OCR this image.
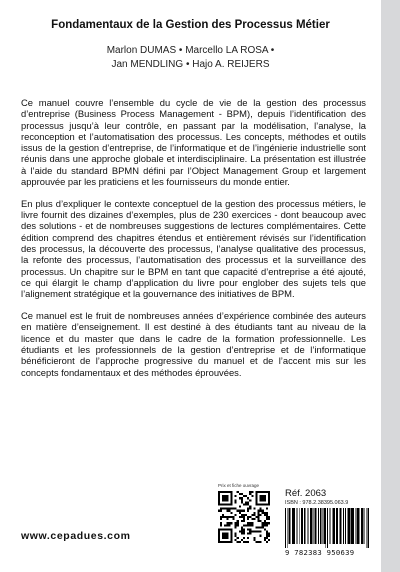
Fondamentaux de la Gestion des Processus Métier
Marlon DUMAS • Marcello LA ROSA •
Jan MENDLING • Hajo A. REIJERS

Ce manuel couvre l’ensemble du cycle de vie de la gestion des processus d’entreprise (Business Process Management - BPM), depuis l’identification des processus jusqu’à leur contrôle, en passant par la modélisation, l’analyse, la reconception et l’automatisation des processus. Les concepts, méthodes et outils issus de la gestion d’entreprise, de l’informatique et de l’ingénierie industrielle sont réunis dans une approche globale et interdisciplinaire. La présentation est illustrée à l’aide du standard BPMN défini par l’Object Management Group et largement approuvée par les praticiens et les fournisseurs du monde entier.

En plus d’expliquer le contexte conceptuel de la gestion des processus métiers, le livre fournit des dizaines d’exemples, plus de 230 exercices - dont beaucoup avec des solutions - et de nombreuses suggestions de lectures complémentaires. Cette édition comprend des chapitres étendus et entièrement révisés sur l’identification des processus, la découverte des processus, l’analyse qualitative des processus, la refonte des processus, l’automatisation des processus et la surveillance des processus. Un chapitre sur le BPM en tant que capacité d’entreprise a été ajouté, ce qui élargit le champ d’application du livre pour englober des sujets tels que l’alignement stratégique et la gouvernance des initiatives de BPM.

Ce manuel est le fruit de nombreuses années d’expérience combinée des auteurs en matière d’enseignement. Il est destiné à des étudiants tant au niveau de la licence et du master que dans le cadre de la formation professionnelle. Les étudiants et les professionnels de la gestion d’entreprise et de l’informatique bénéficieront de l’approche progressive du manuel et de l’accent mis sur les concepts fondamentaux et des méthodes éprouvées.

Prix et fiche ouvrage
Réf. 2063
ISBN : 978.2.38395.063.9
9 782383 950639
www.cepadues.com
